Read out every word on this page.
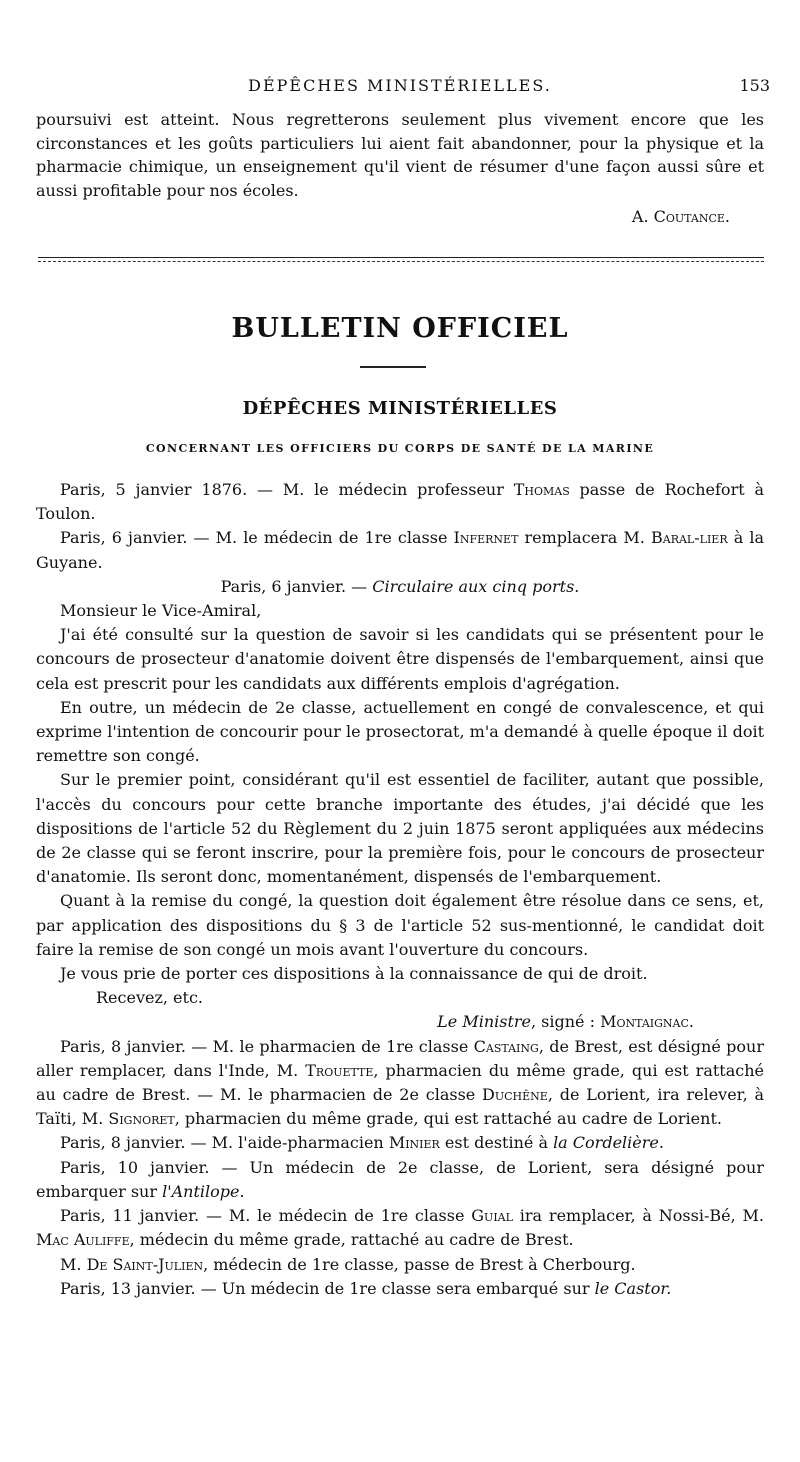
DÉPÊCHES MINISTÉRIELLES.	153

poursuivi est atteint. Nous regretterons seulement plus vivement encore que les circonstances et les goûts particuliers lui aient fait abandonner, pour la physique et la pharmacie chimique, un enseignement qu'il vient de résumer d'une façon aussi sûre et aussi profitable pour nos écoles.

A. Coutance.

BULLETIN OFFICIEL
DÉPÊCHES MINISTÉRIELLES
CONCERNANT LES OFFICIERS DU CORPS DE SANTÉ DE LA MARINE

Paris, 5 janvier 1876. — M. le médecin professeur Thomas passe de Rochefort à Toulon.

Paris, 6 janvier. — M. le médecin de 1re classe Infernet remplacera M. Baral-lier à la Guyane.

Paris, 6 janvier. — Circulaire aux cinq ports.

Monsieur le Vice-Amiral,

J'ai été consulté sur la question de savoir si les candidats qui se présentent pour le concours de prosecteur d'anatomie doivent être dispensés de l'embarquement, ainsi que cela est prescrit pour les candidats aux différents emplois d'agrégation.

En outre, un médecin de 2e classe, actuellement en congé de convalescence, et qui exprime l'intention de concourir pour le prosectorat, m'a demandé à quelle époque il doit remettre son congé.

Sur le premier point, considérant qu'il est essentiel de faciliter, autant que possible, l'accès du concours pour cette branche importante des études, j'ai décidé que les dispositions de l'article 52 du Règlement du 2 juin 1875 seront appliquées aux médecins de 2e classe qui se feront inscrire, pour la première fois, pour le concours de prosecteur d'anatomie. Ils seront donc, momentanément, dispensés de l'embarquement.

Quant à la remise du congé, la question doit également être résolue dans ce sens, et, par application des dispositions du § 3 de l'article 52 sus-mentionné, le candidat doit faire la remise de son congé un mois avant l'ouverture du concours.

Je vous prie de porter ces dispositions à la connaissance de qui de droit.

Recevez, etc.

Le Ministre, signé : Montaignac.

Paris, 8 janvier. — M. le pharmacien de 1re classe Castaing, de Brest, est désigné pour aller remplacer, dans l'Inde, M. Trouette, pharmacien du même grade, qui est rattaché au cadre de Brest. — M. le pharmacien de 2e classe Duchêne, de Lorient, ira relever, à Taïti, M. Signoret, pharmacien du même grade, qui est rattaché au cadre de Lorient.

Paris, 8 janvier. — M. l'aide-pharmacien Minier est destiné à la Cordelière.

Paris, 10 janvier. — Un médecin de 2e classe, de Lorient, sera désigné pour embarquer sur l'Antilope.

Paris, 11 janvier. — M. le médecin de 1re classe Guial ira remplacer, à Nossi-Bé, M. Mac Auliffe, médecin du même grade, rattaché au cadre de Brest.

M. De Saint-Julien, médecin de 1re classe, passe de Brest à Cherbourg.

Paris, 13 janvier. — Un médecin de 1re classe sera embarqué sur le Castor.
